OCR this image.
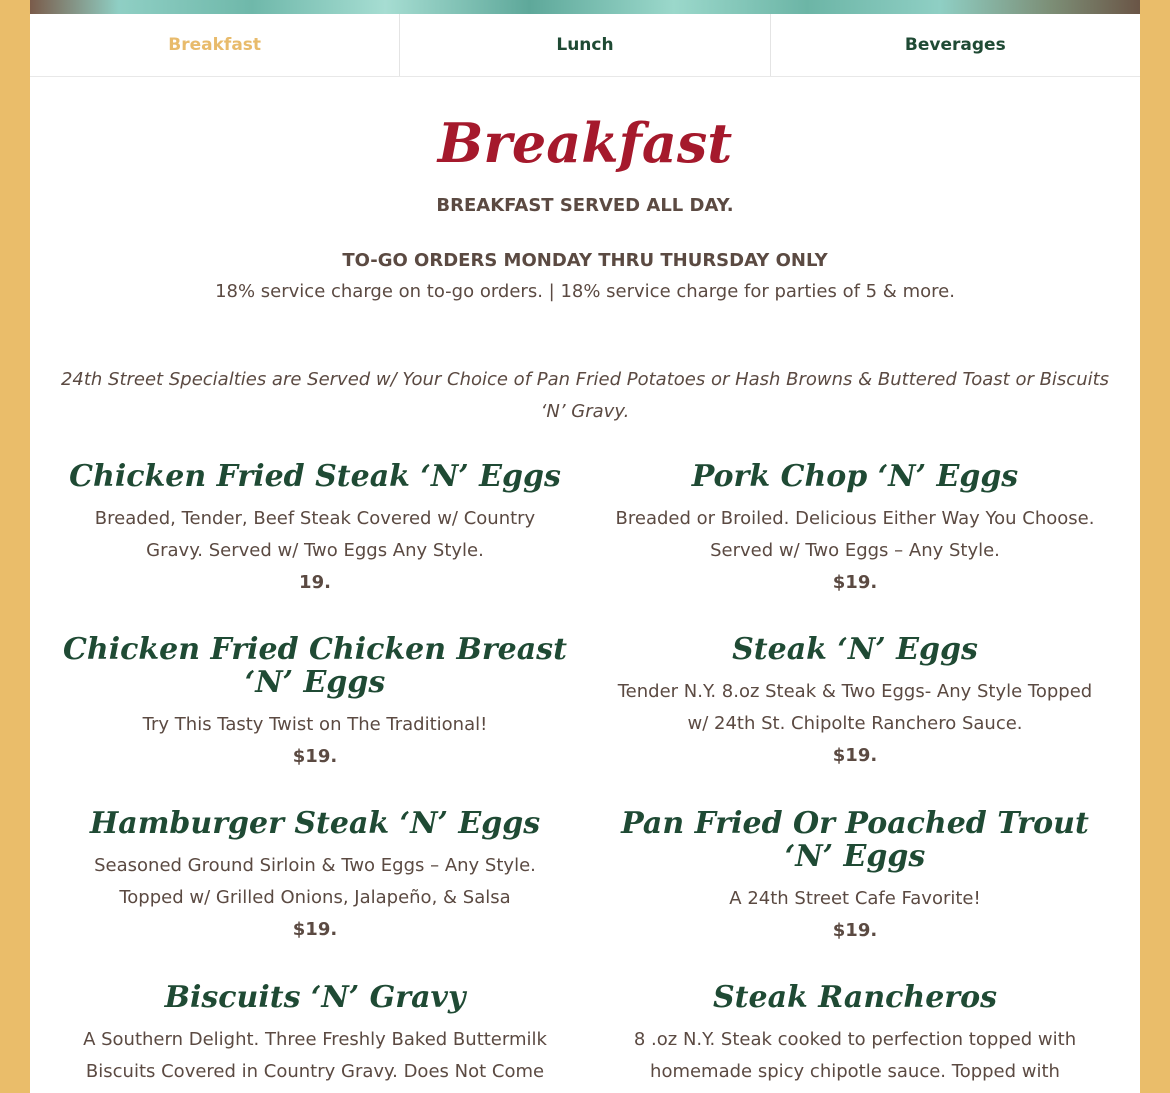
Breakfast	Lunch	Beverages
Breakfast
BREAKFAST SERVED ALL DAY.
TO-GO ORDERS MONDAY THRU THURSDAY ONLY
18% service charge on to-go orders. | 18% service charge for parties of 5 & more.
24th Street Specialties are Served w/ Your Choice of Pan Fried Potatoes or Hash Browns & Buttered Toast or Biscuits ‘N’ Gravy.
Chicken Fried Steak ‘N’ Eggs
Breaded, Tender, Beef Steak Covered w/ Country Gravy. Served w/ Two Eggs Any Style.
19.
Pork Chop ‘N’ Eggs
Breaded or Broiled. Delicious Either Way You Choose. Served w/ Two Eggs – Any Style.
$19.
Chicken Fried Chicken Breast ‘N’ Eggs
Try This Tasty Twist on The Traditional!
$19.
Steak ‘N’ Eggs
Tender N.Y. 8.oz Steak & Two Eggs- Any Style Topped w/ 24th St. Chipolte Ranchero Sauce.
$19.
Hamburger Steak ‘N’ Eggs
Seasoned Ground Sirloin & Two Eggs – Any Style. Topped w/ Grilled Onions, Jalapeño, & Salsa
$19.
Pan Fried Or Poached Trout ‘N’ Eggs
A 24th Street Cafe Favorite!
$19.
Biscuits ‘N’ Gravy
A Southern Delight. Three Freshly Baked Buttermilk Biscuits Covered in Country Gravy. Does Not Come
Steak Rancheros
8 .oz N.Y. Steak cooked to perfection topped with homemade spicy chipotle sauce. Topped with
